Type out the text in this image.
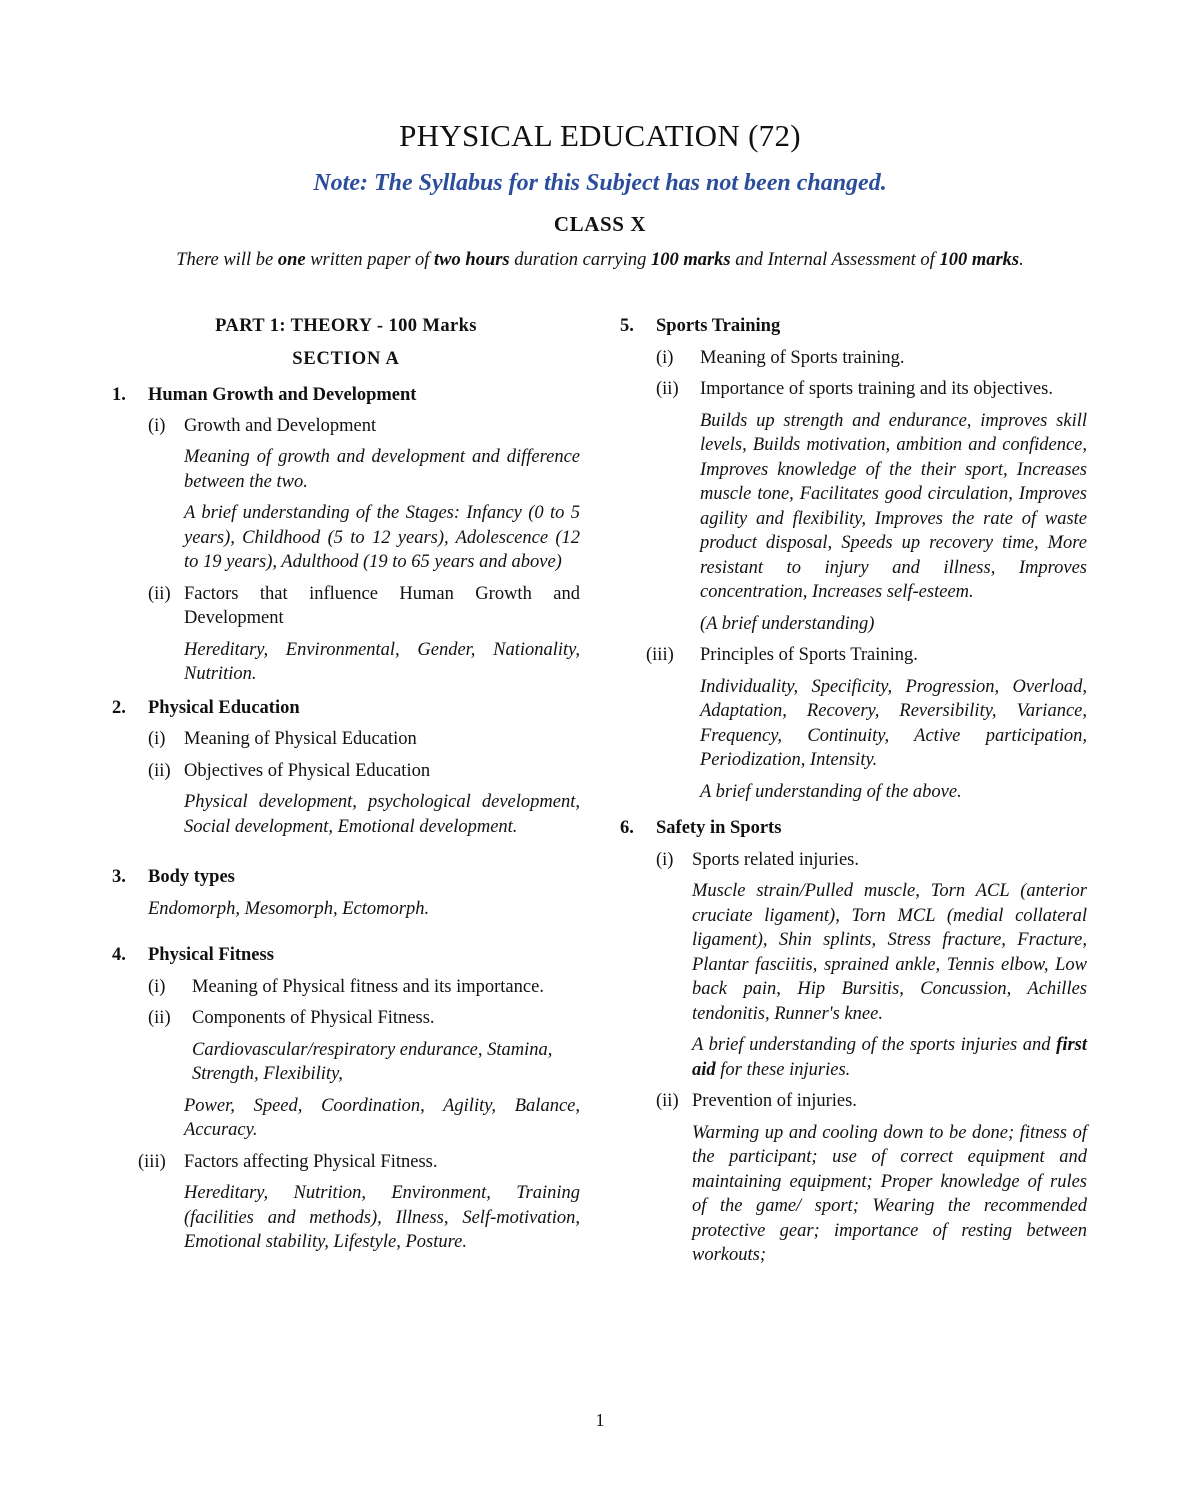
PHYSICAL EDUCATION (72)
Note: The Syllabus for this Subject has not been changed.
CLASS X
There will be one written paper of two hours duration carrying 100 marks and Internal Assessment of 100 marks.

PART 1: THEORY - 100 Marks

SECTION A

1. Human Growth and Development
(i) Growth and Development

Meaning of growth and development and difference between the two.

A brief understanding of the Stages: Infancy (0 to 5 years), Childhood (5 to 12 years), Adolescence (12 to 19 years), Adulthood (19 to 65 years and above)

(ii) Factors that influence Human Growth and Development

Hereditary, Environmental, Gender, Nationality, Nutrition.

2. Physical Education
(i) Meaning of Physical Education
(ii) Objectives of Physical Education

Physical development, psychological development, Social development, Emotional development.

3. Body types

Endomorph, Mesomorph, Ectomorph.

4. Physical Fitness
(i) Meaning of Physical fitness and its importance.
(ii) Components of Physical Fitness.

Cardiovascular/respiratory endurance, Stamina, Strength, Flexibility,

Power, Speed, Coordination, Agility, Balance, Accuracy.

(iii) Factors affecting Physical Fitness.

Hereditary, Nutrition, Environment, Training (facilities and methods), Illness, Self-motivation, Emotional stability, Lifestyle, Posture.

5. Sports Training
(i) Meaning of Sports training.
(ii) Importance of sports training and its objectives.

Builds up strength and endurance, improves skill levels, Builds motivation, ambition and confidence, Improves knowledge of the their sport, Increases muscle tone, Facilitates good circulation, Improves agility and flexibility, Improves the rate of waste product disposal, Speeds up recovery time, More resistant to injury and illness, Improves concentration, Increases self-esteem.

(A brief understanding)

(iii) Principles of Sports Training.

Individuality, Specificity, Progression, Overload, Adaptation, Recovery, Reversibility, Variance, Frequency, Continuity, Active participation, Periodization, Intensity.

A brief understanding of the above.

6. Safety in Sports
(i) Sports related injuries.

Muscle strain/Pulled muscle, Torn ACL (anterior cruciate ligament), Torn MCL (medial collateral ligament), Shin splints, Stress fracture, Fracture, Plantar fasciitis, sprained ankle, Tennis elbow, Low back pain, Hip Bursitis, Concussion, Achilles tendonitis, Runner's knee.

A brief understanding of the sports injuries and first aid for these injuries.

(ii) Prevention of injuries.

Warming up and cooling down to be done; fitness of the participant; use of correct equipment and maintaining equipment; Proper knowledge of rules of the game/ sport; Wearing the recommended protective gear; importance of resting between workouts;

1
